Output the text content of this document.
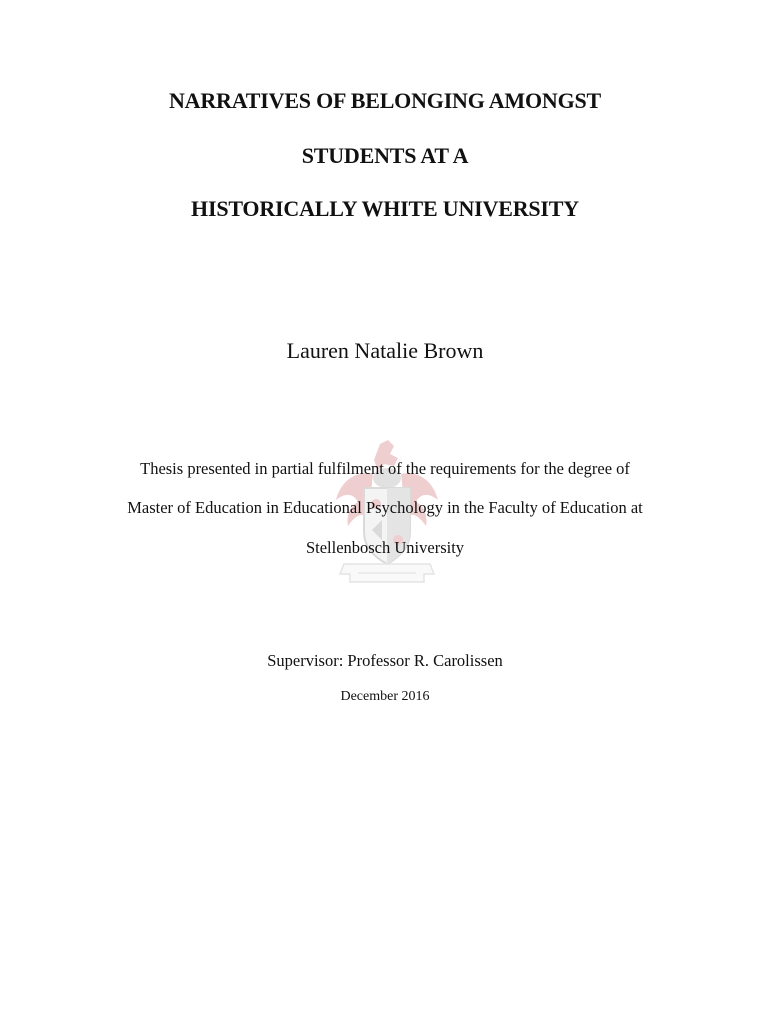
NARRATIVES OF BELONGING AMONGST
STUDENTS AT A
HISTORICALLY WHITE UNIVERSITY
Lauren Natalie Brown
Thesis presented in partial fulfilment of the requirements for the degree of
Master of Education in Educational Psychology in the Faculty of Education at
Stellenbosch University
Supervisor: Professor R. Carolissen
December 2016
